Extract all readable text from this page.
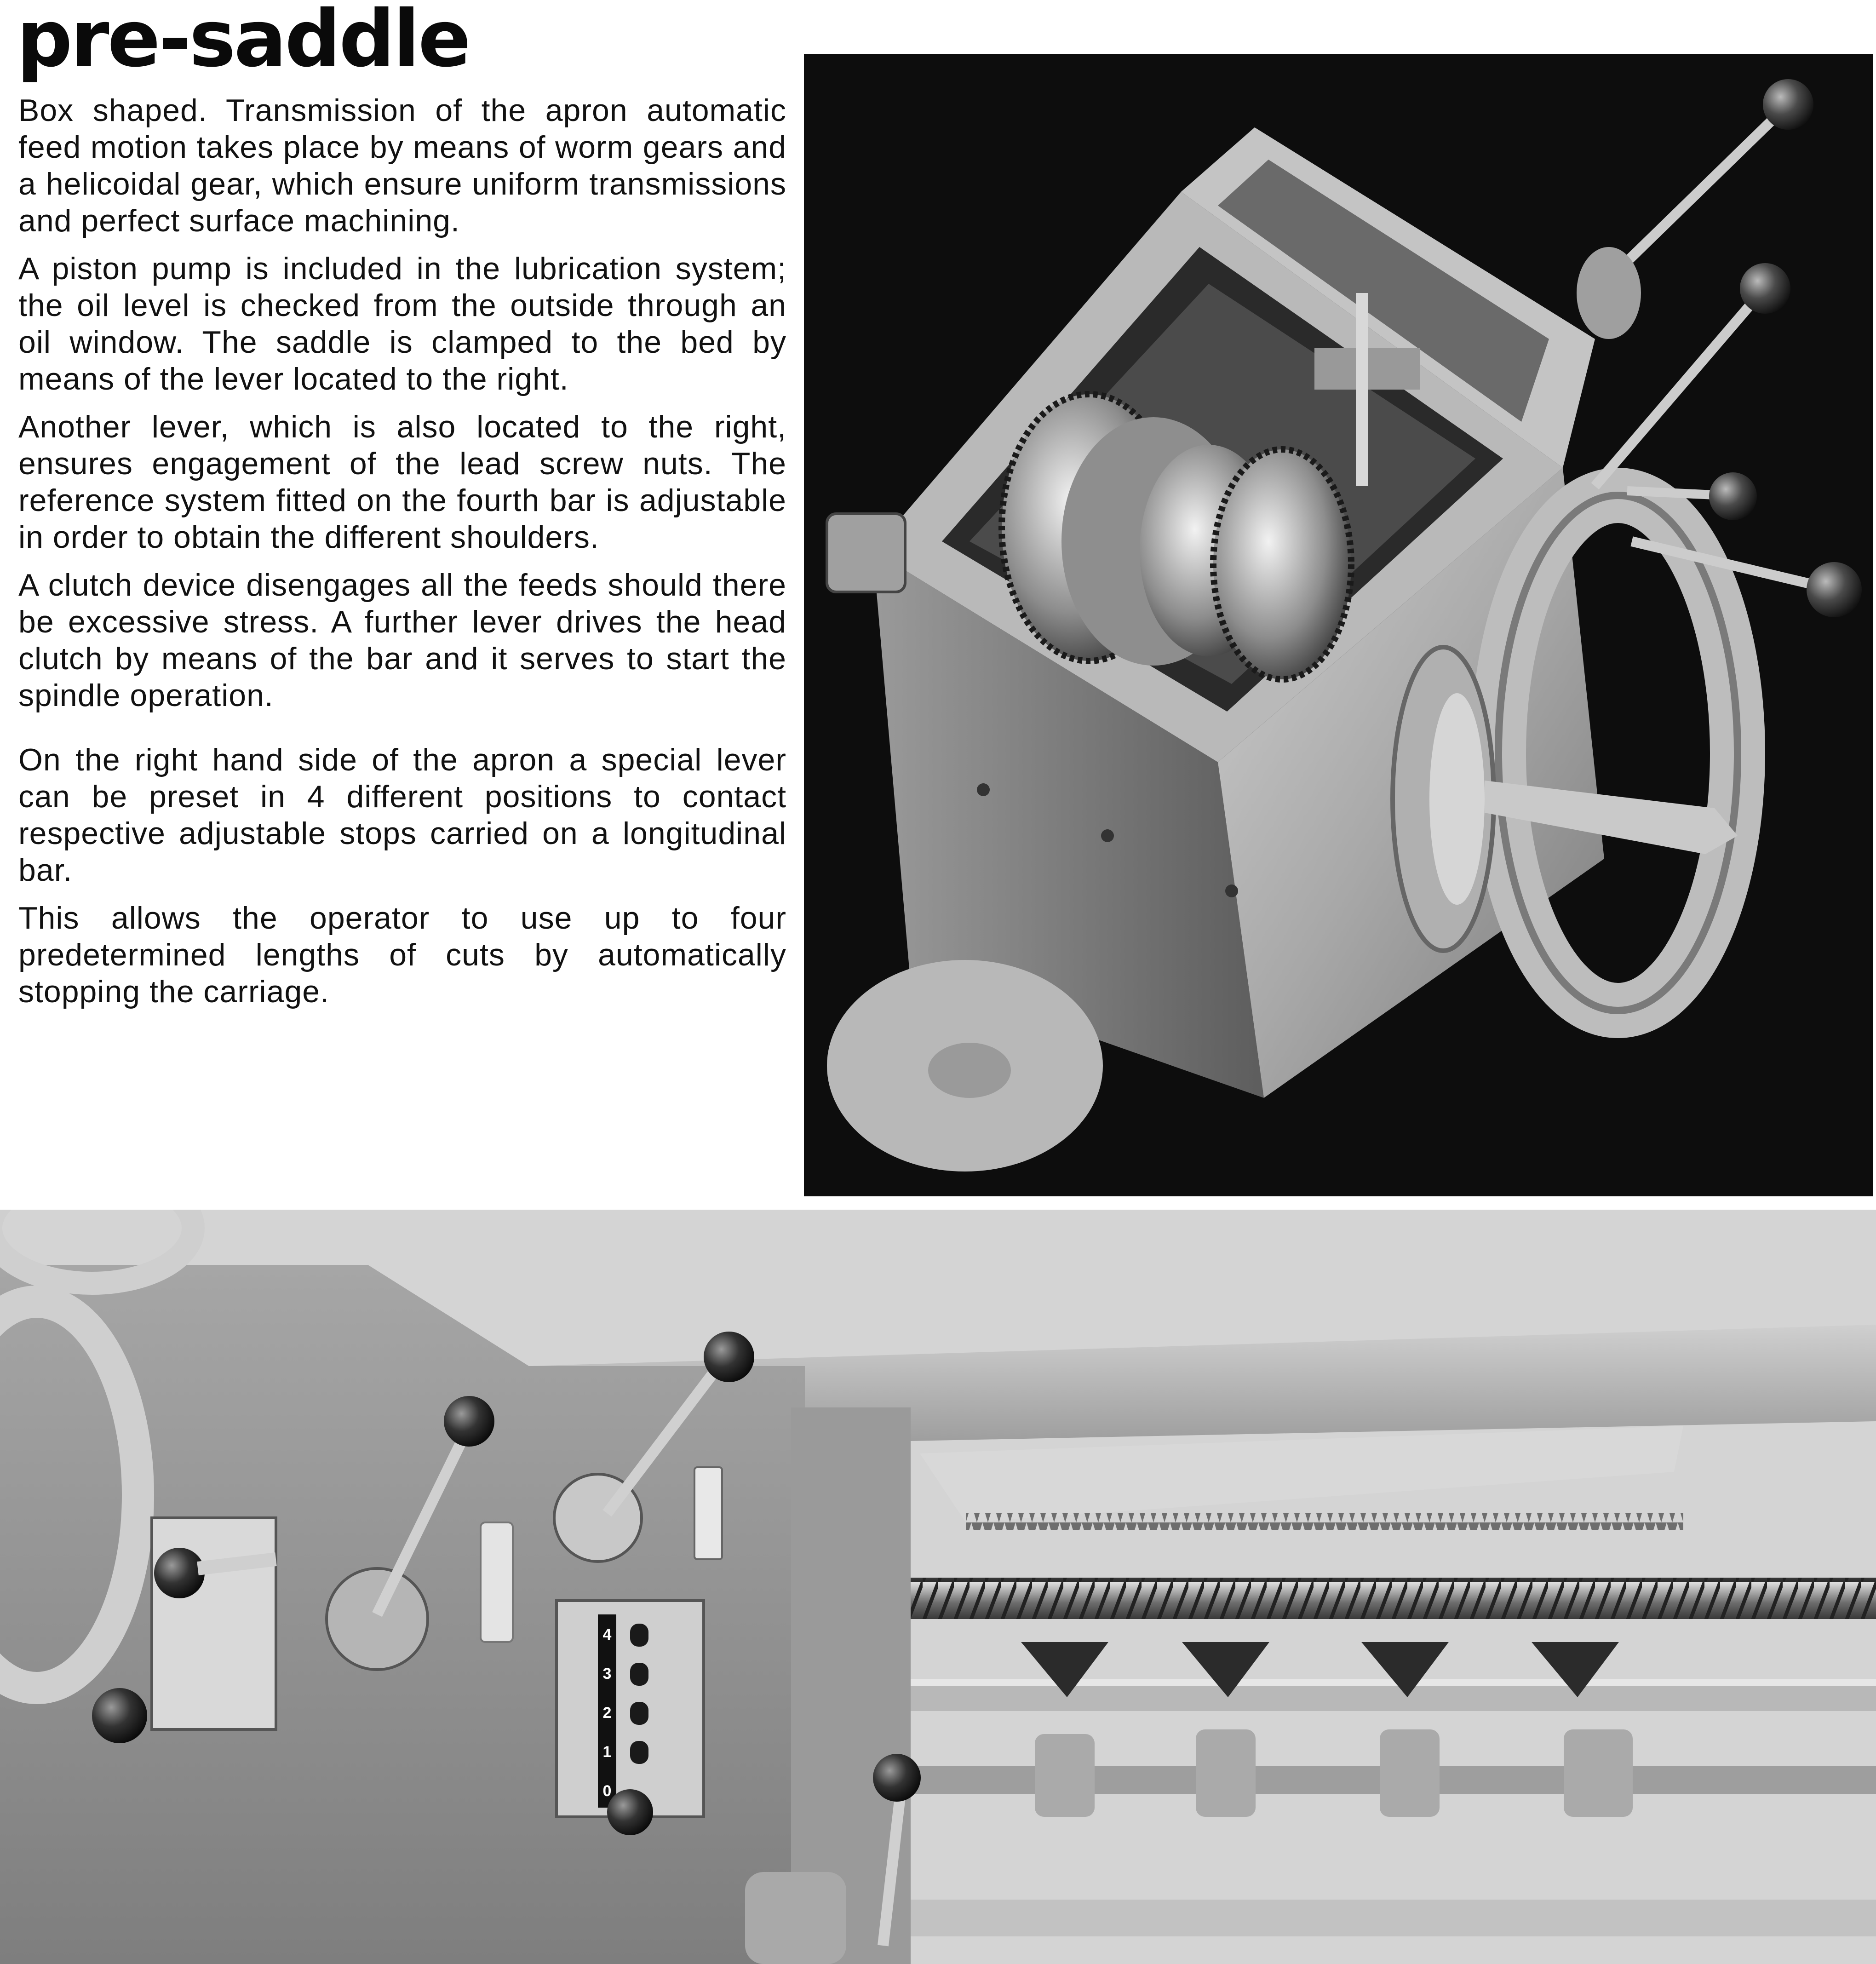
pre-saddle

Box shaped. Transmission of the apron automatic feed motion takes place by means of worm gears and a helicoidal gear, which ensure uniform transmissions and perfect surface machining.

A piston pump is included in the lubrication system; the oil level is checked from the outside through an oil window. The saddle is clamped to the bed by means of the lever located to the right.

Another lever, which is also located to the right, ensures engagement of the lead screw nuts. The reference system fitted on the fourth bar is adjustable in order to obtain the different shoulders.

A clutch device disengages all the feeds should there be excessive stress. A further lever drives the head clutch by means of the bar and it serves to start the spindle operation.

On the right hand side of the apron a special lever can be preset in 4 different positions to contact respective adjustable stops carried on a longitudinal bar.

This allows the operator to use up to four predetermined lengths of cuts by automatically stopping the carriage.

4
3
2
1
0
